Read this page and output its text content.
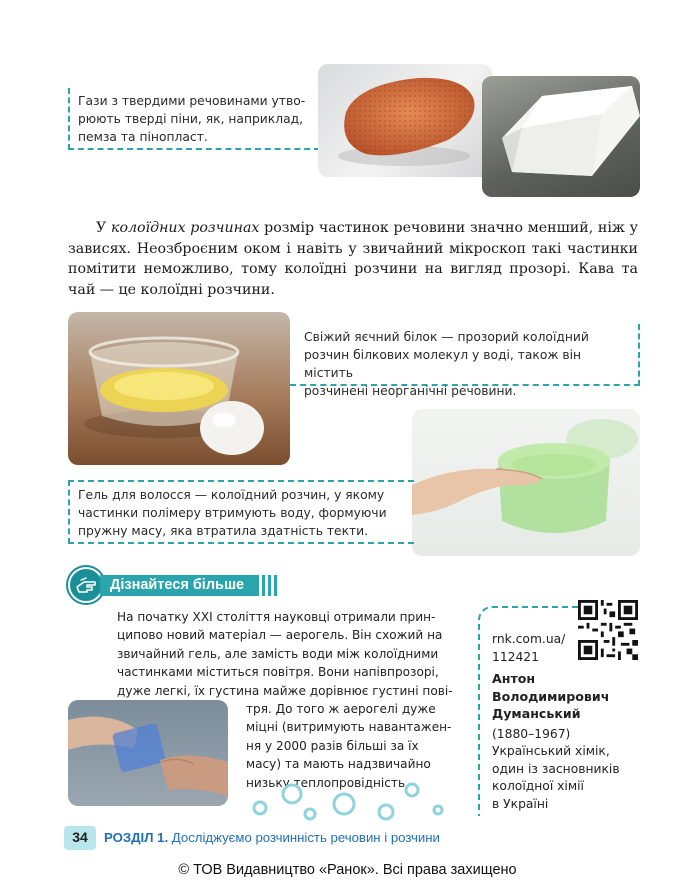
Гази з твердими речовинами утво-
рюють тверді піни, як, наприклад,
пемза та пінопласт.
У колоїдних розчинах розмір частинок речовини значно менший, ніж у зависях. Неозброєним оком і навіть у звичайний мікроскоп такі частинки помітити неможливо, тому колоїдні розчини на вигляд прозорі. Кава та чай — це колоїдні розчини.
Свіжий яєчний білок — прозорий колоїдний
розчин білкових молекул у воді, також він містить
розчинені неорганічні речовини.
Гель для волосся — колоїдний розчин, у якому
частинки полімеру втримують воду, формуючи
пружну масу, яка втратила здатність текти.
Дізнайтеся більше
На початку XXI століття науковці отримали прин-
ципово новий матеріал — аерогель. Він схожий на
звичайний гель, але замість води між колоїдними
частинками міститься повітря. Вони напівпрозорі,
дуже легкі, їх густина майже дорівнює густині пові-
тря. До того ж аерогелі дуже
міцні (витримують навантажен-
ня у 2000 разів більші за їх
масу) та мають надзвичайно
низьку теплопровідність.
rnk.com.ua/
112421
Антон
Володимирович
Думанський
(1880–1967)
Український хімік,
один із засновників
колоїдної хімії
в Україні
34	РОЗДІЛ 1. Досліджуємо розчинність речовин і розчини
© ТОВ Видавництво «Ранок». Всі права захищено
